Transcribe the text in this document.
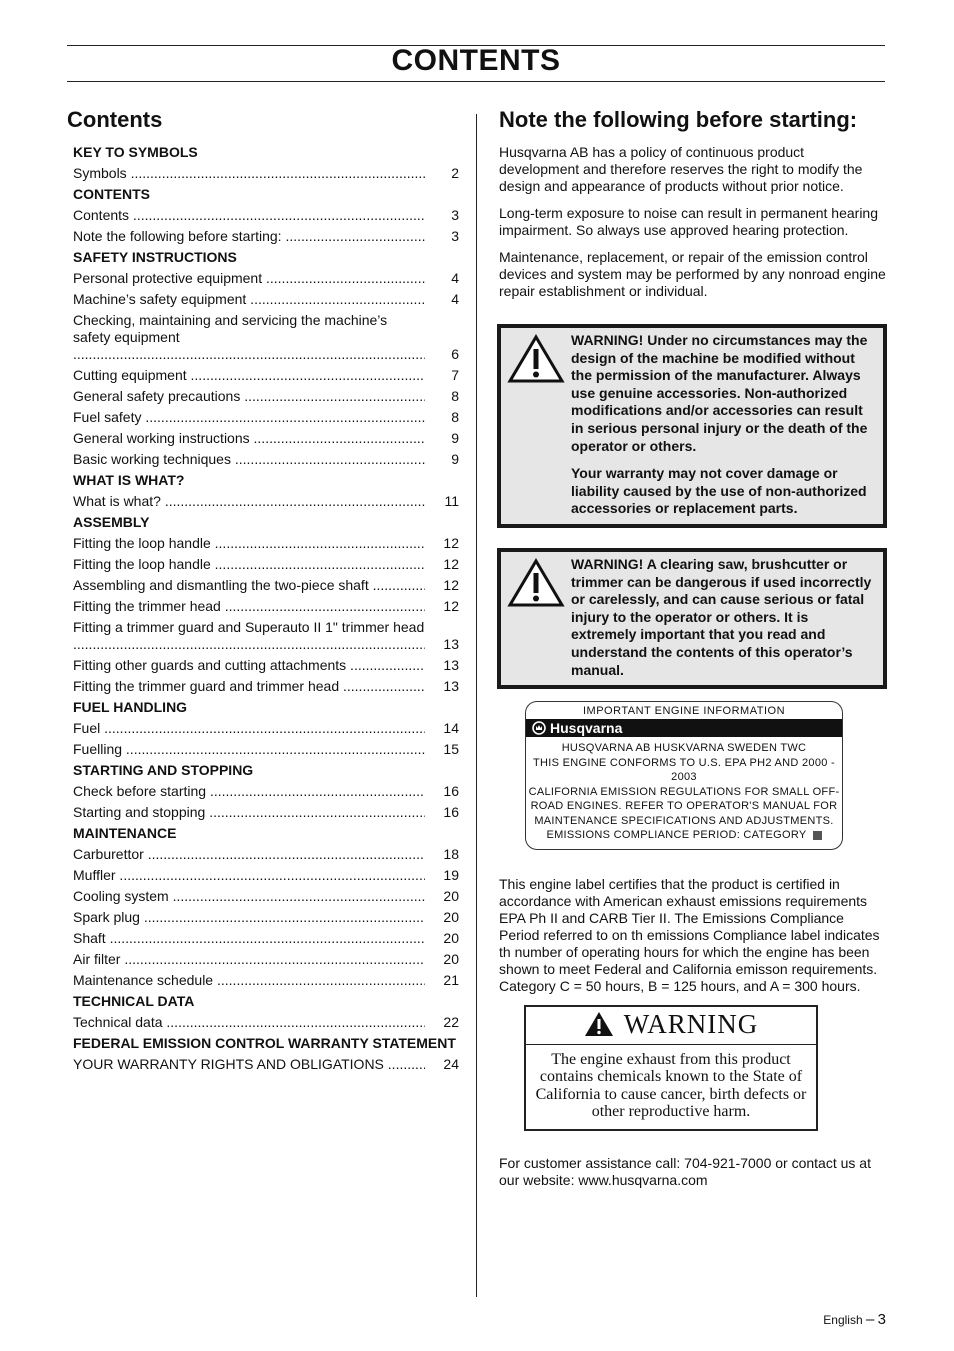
CONTENTS
Contents
KEY TO SYMBOLS
Symbols .....	2
CONTENTS
Contents .....	3
Note the following before starting: .....	3
SAFETY INSTRUCTIONS
Personal protective equipment .....	4
Machine’s safety equipment .....	4
Checking, maintaining and servicing the machine’s safety equipment .....
6
Cutting equipment .....	7
General safety precautions .....	8
Fuel safety .....	8
General working instructions .....	9
Basic working techniques .....	9
WHAT IS WHAT?
What is what? .....	11
ASSEMBLY
Fitting the loop handle .....	12
Fitting the loop handle .....	12
Assembling and dismantling the two-piece shaft .....	12
Fitting the trimmer head .....	12
Fitting a trimmer guard and Superauto II 1" trimmer head .....
13
Fitting other guards and cutting attachments .....	13
Fitting the trimmer guard and trimmer head .....	13
FUEL HANDLING
Fuel .....	14
Fuelling .....	15
STARTING AND STOPPING
Check before starting .....	16
Starting and stopping .....	16
MAINTENANCE
Carburettor .....	18
Muffler .....	19
Cooling system .....	20
Spark plug .....	20
Shaft .....	20
Air filter .....	20
Maintenance schedule .....	21
TECHNICAL DATA
Technical data .....	22
FEDERAL EMISSION CONTROL WARRANTY STATEMENT
YOUR WARRANTY RIGHTS AND OBLIGATIONS .....	24
Note the following before starting:

Husqvarna AB has a policy of continuous product development and therefore reserves the right to modify the design and appearance of products without prior notice.

Long-term exposure to noise can result in permanent hearing impairment. So always use approved hearing protection.

Maintenance, replacement, or repair of the emission control devices and system may be performed by any nonroad engine repair establishment or individual.

WARNING! Under no circumstances may the design of the machine be modified without the permission of the manufacturer. Always use genuine accessories. Non-authorized modifications and/or accessories can result in serious personal injury or the death of the operator or others.

Your warranty may not cover damage or liability caused by the use of non-authorized accessories or replacement parts.

WARNING! A clearing saw, brushcutter or trimmer can be dangerous if used incorrectly or carelessly, and can cause serious or fatal injury to the operator or others. It is extremely important that you read and understand the contents of this operator’s manual.

IMPORTANT ENGINE INFORMATION
Husqvarna
HUSQVARNA AB HUSKVARNA SWEDEN TWC
THIS ENGINE CONFORMS TO U.S. EPA PH2 AND 2000 - 2003
CALIFORNIA EMISSION REGULATIONS FOR SMALL OFF-
ROAD ENGINES. REFER TO OPERATOR'S MANUAL FOR
MAINTENANCE SPECIFICATIONS AND ADJUSTMENTS.
EMISSIONS COMPLIANCE PERIOD: CATEGORY

This engine label certifies that the product is certified in accordance with American exhaust emissions requirements EPA Ph II and CARB Tier II. The Emissions Compliance Period referred to on th emissions Compliance label indicates th number of operating hours for which the engine has been shown to meet Federal and California emisson requirements. Category C = 50 hours, B = 125 hours, and A = 300 hours.

WARNING
The engine exhaust from this product contains chemicals known to the State of California to cause cancer, birth defects or other reproductive harm.

For customer assistance call: 704-921-7000 or contact us at our website: www.husqvarna.com

English – 3
